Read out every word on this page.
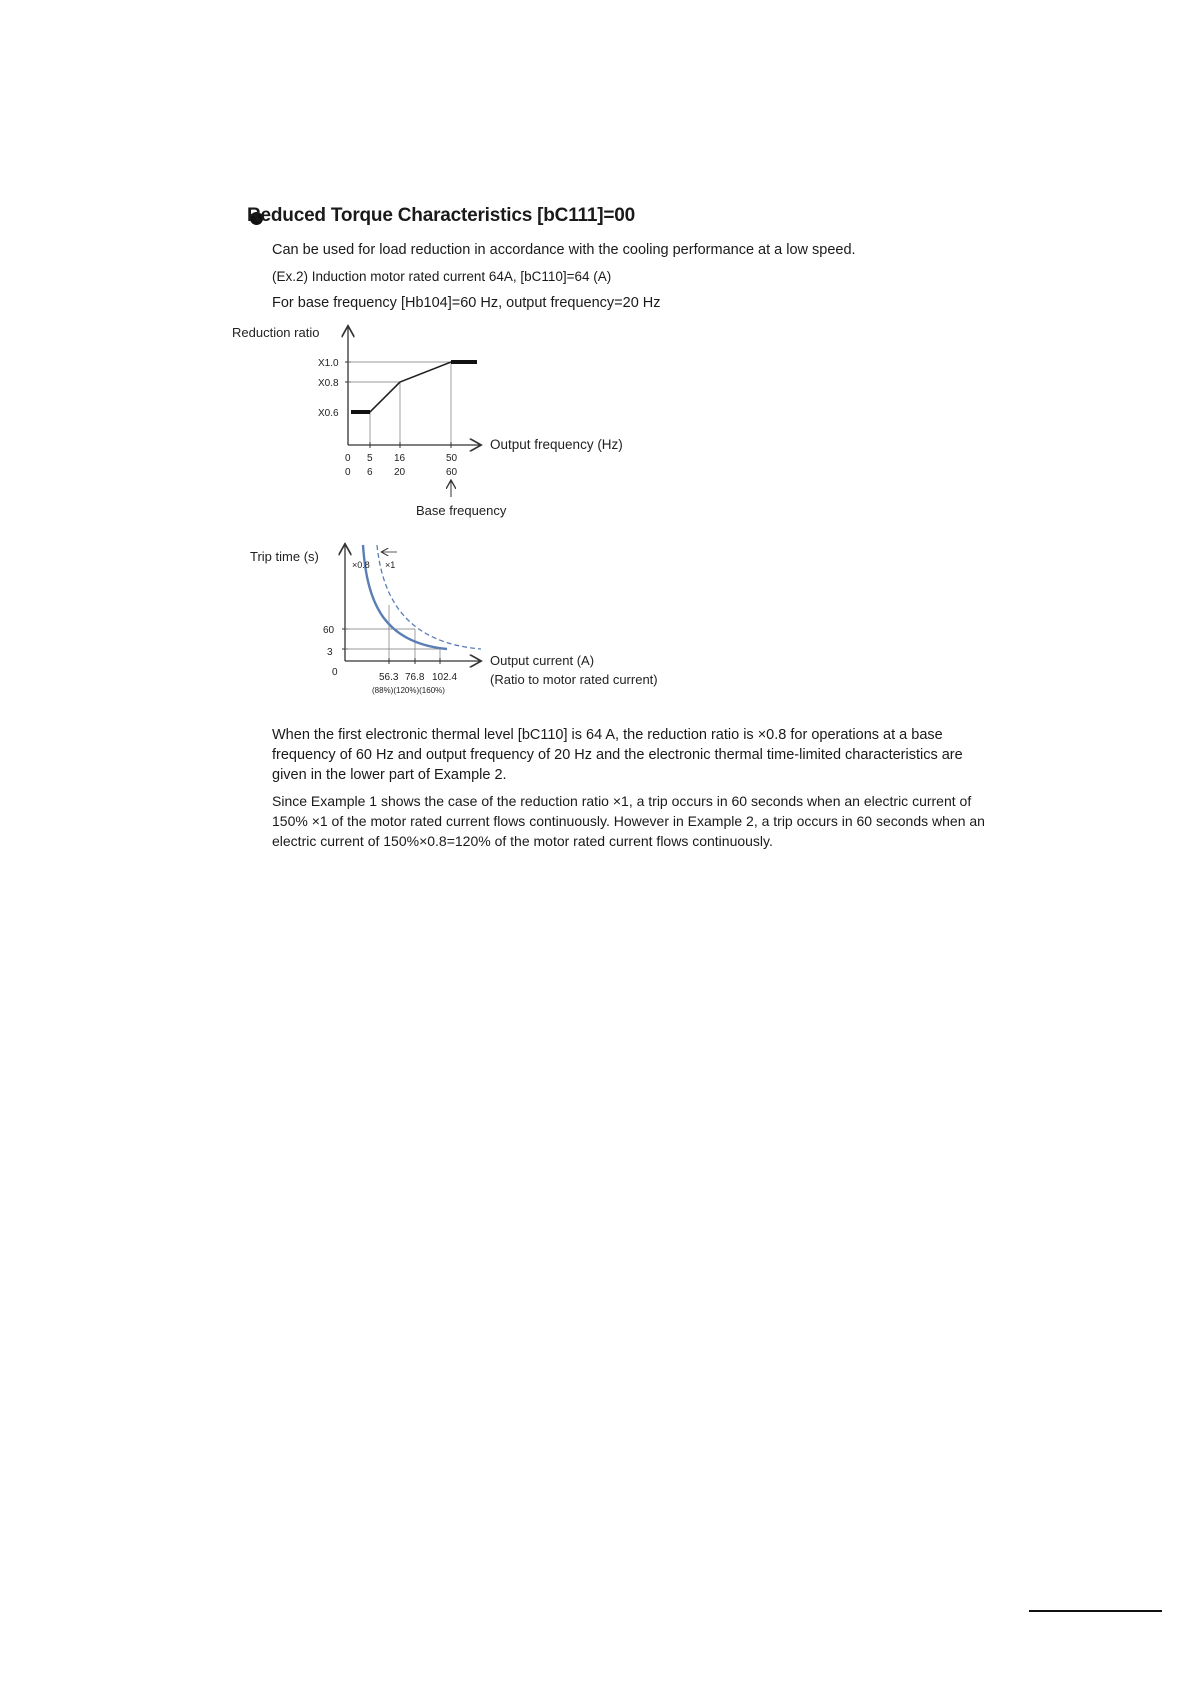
Reduced Torque Characteristics [bC111]=00
Can be used for load reduction in accordance with the cooling performance at a low speed.
(Ex.2) Induction motor rated current 64A, [bC110]=64 (A)
For base frequency [Hb104]=60 Hz, output frequency=20 Hz
Reduction ratio
Output frequency (Hz)
X1.0
X0.8
X0.6
0 5 16	50
0 6 20	60
Base frequency
Trip time (s)
Output current (A)
(Ratio to motor rated current)
60
3
0
×0.8 ×1
56.3 76.8 102.4
(88%)(120%)(160%)
When the first electronic thermal level [bC110] is 64 A, the reduction ratio is ×0.8 for operations at a base frequency of 60 Hz and output frequency of 20 Hz and the electronic thermal time-limited characteristics are given in the lower part of Example 2.
Since Example 1 shows the case of the reduction ratio ×1, a trip occurs in 60 seconds when an electric current of 150% ×1 of the motor rated current flows continuously. However in Example 2, a trip occurs in 60 seconds when an electric current of 150%×0.8=120% of the motor rated current flows continuously.
